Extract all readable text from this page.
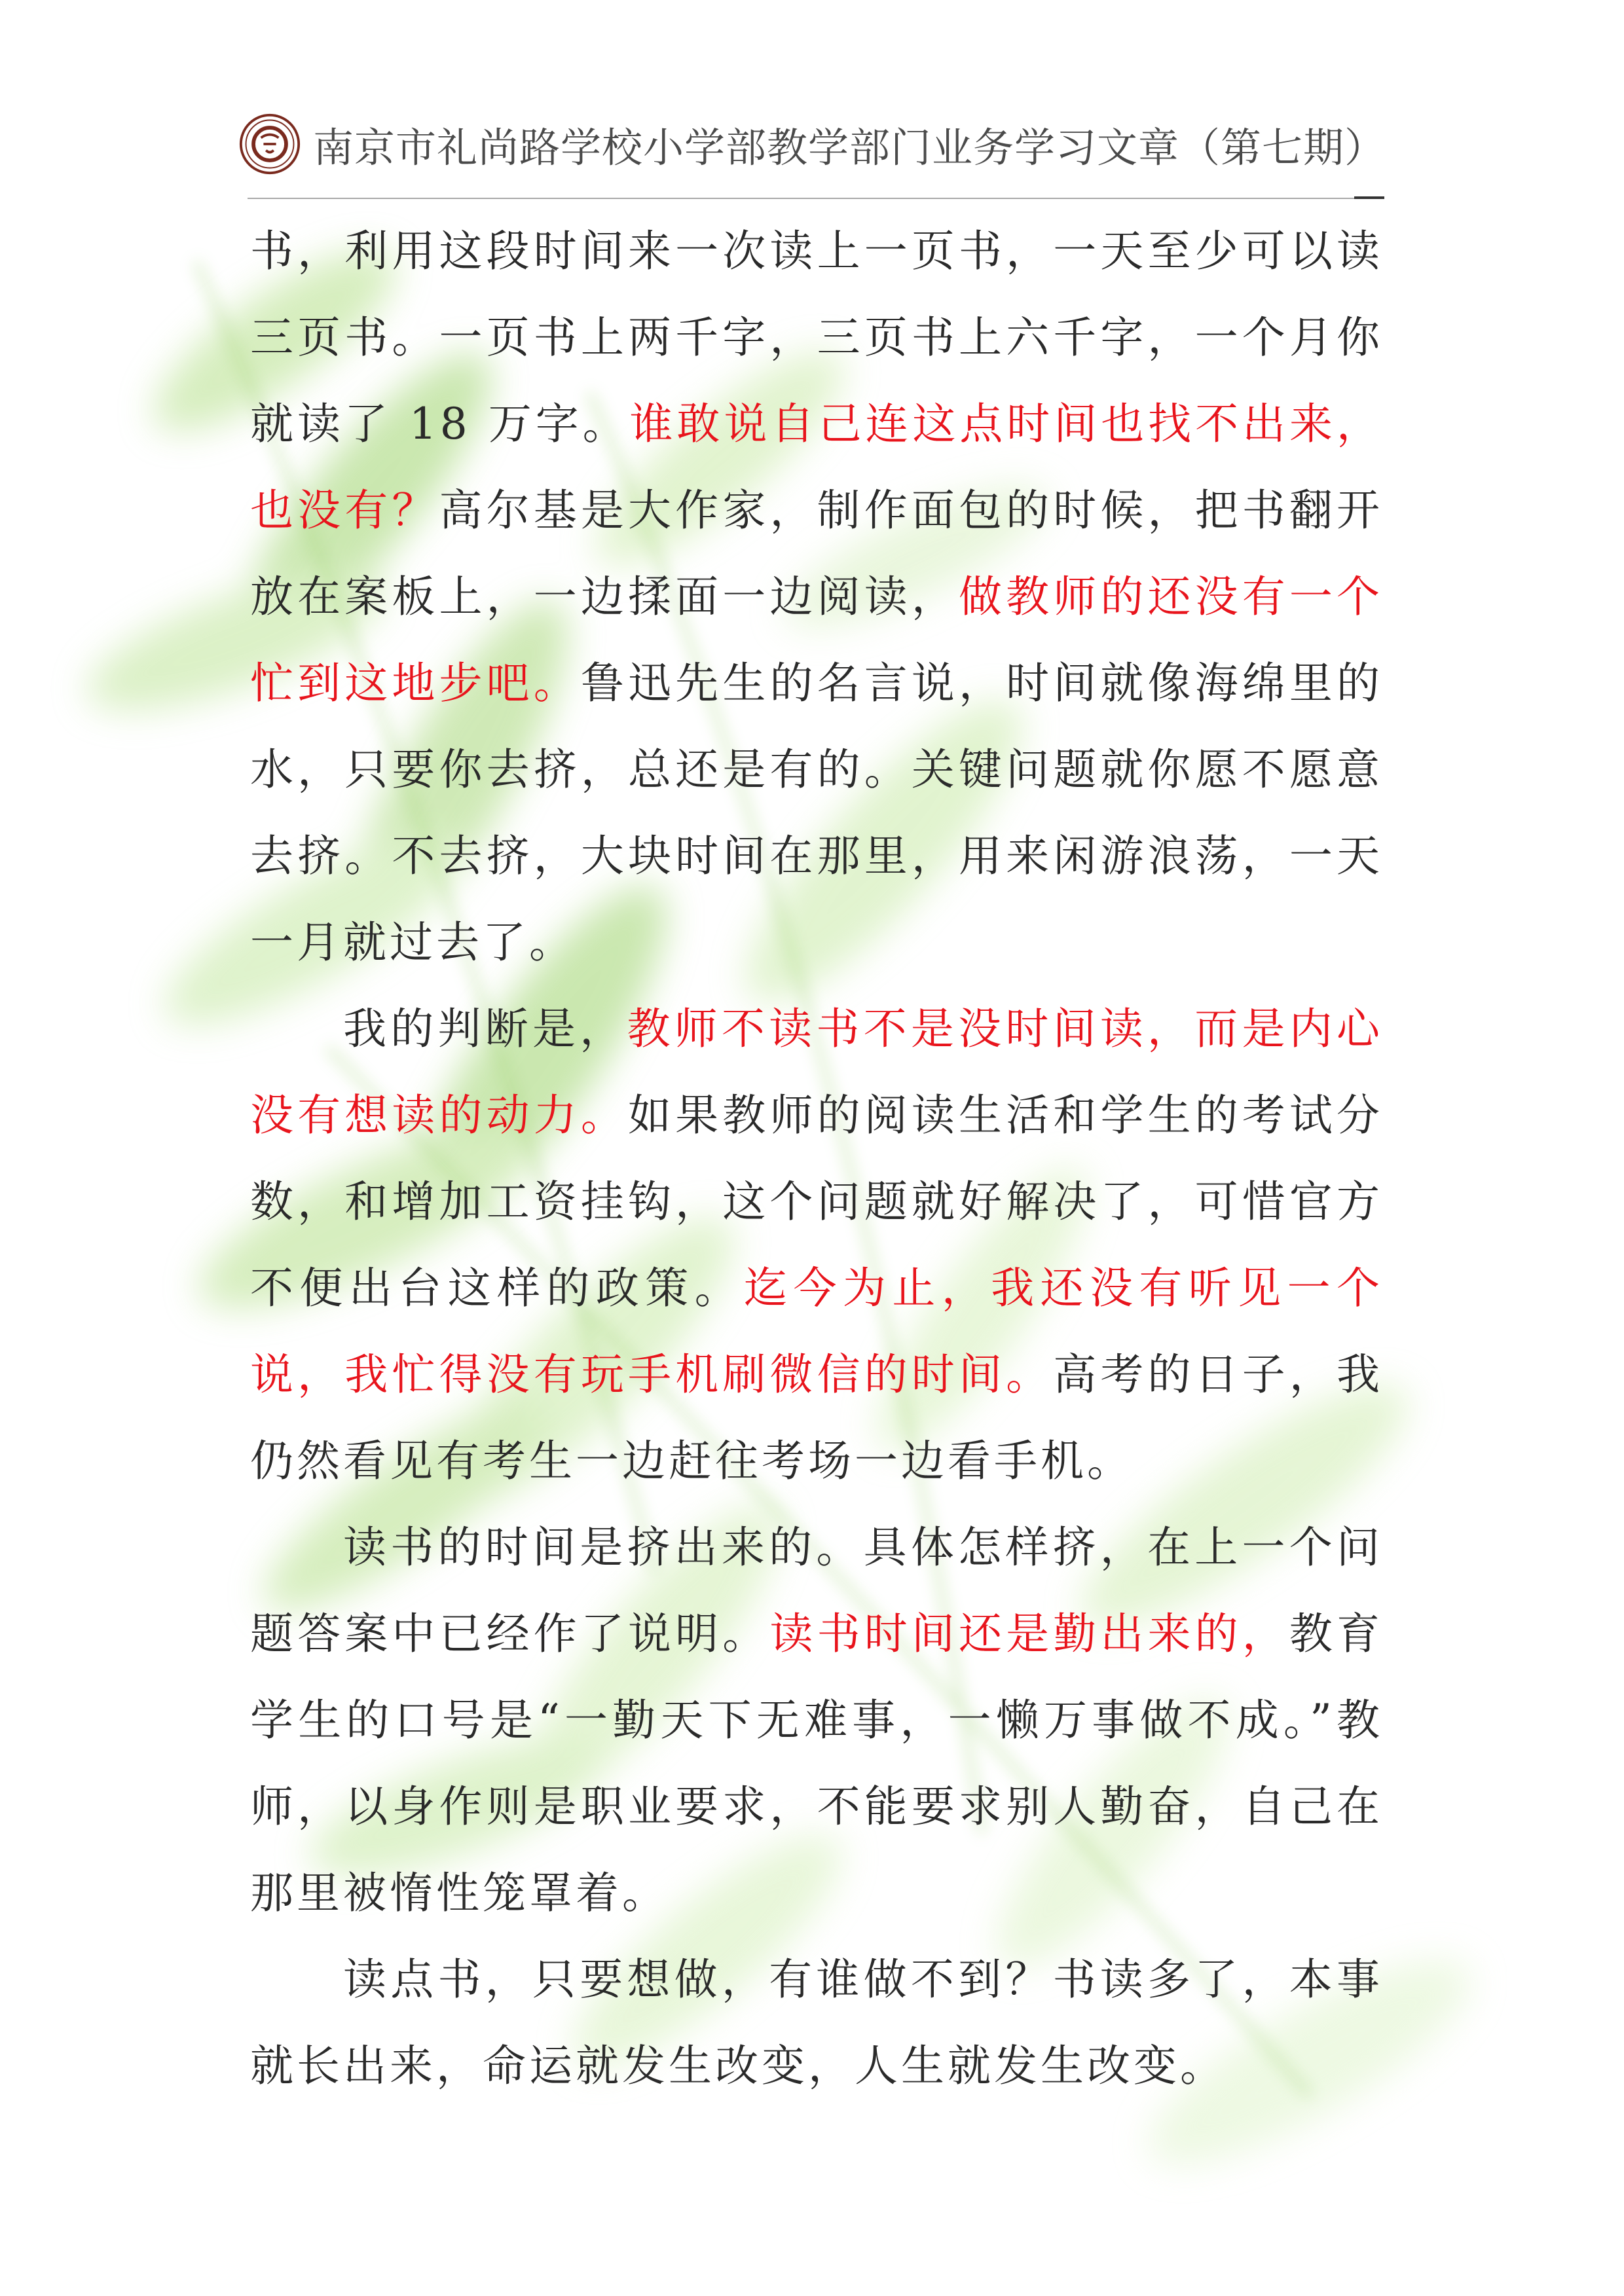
南京市礼尚路学校小学部教学部门业务学习文章（第七期）

书，利用这段时间来一次读上一页书，一天至少可以读三页书。一页书上两千字，三页书上六千字，一个月你就读了 18 万字。谁敢说自己连这点时间也找不出来，也没有？高尔基是大作家，制作面包的时候，把书翻开放在案板上，一边揉面一边阅读，做教师的还没有一个忙到这地步吧。鲁迅先生的名言说，时间就像海绵里的水，只要你去挤，总还是有的。关键问题就你愿不愿意去挤。不去挤，大块时间在那里，用来闲游浪荡，一天一月就过去了。

我的判断是，教师不读书不是没时间读，而是内心没有想读的动力。如果教师的阅读生活和学生的考试分数，和增加工资挂钩，这个问题就好解决了，可惜官方不便出台这样的政策。迄今为止，我还没有听见一个说，我忙得没有玩手机刷微信的时间。高考的日子，我仍然看见有考生一边赶往考场一边看手机。

读书的时间是挤出来的。具体怎样挤，在上一个问题答案中已经作了说明。读书时间还是勤出来的，教育学生的口号是“一勤天下无难事，一懒万事做不成。”教师，以身作则是职业要求，不能要求别人勤奋，自己在那里被惰性笼罩着。

读点书，只要想做，有谁做不到？书读多了，本事就长出来，命运就发生改变，人生就发生改变。
